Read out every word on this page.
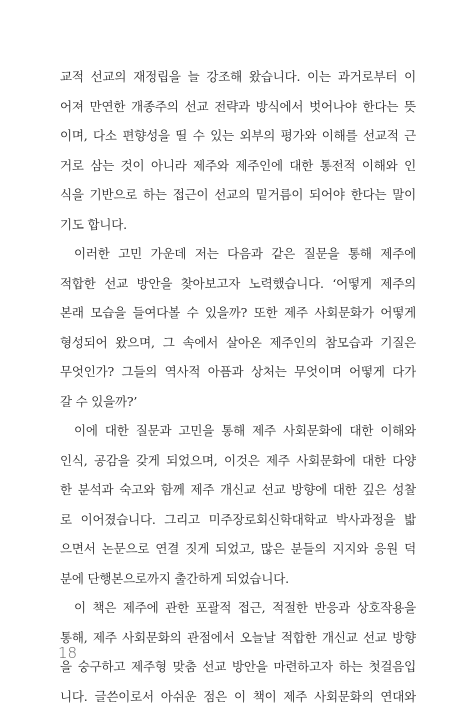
교적 선교의 재정립을 늘 강조해 왔습니다. 이는 과거로부터 이
어져 만연한 개종주의 선교 전략과 방식에서 벗어나야 한다는 뜻
이며, 다소 편향성을 띨 수 있는 외부의 평가와 이해를 선교적 근
거로 삼는 것이 아니라 제주와 제주인에 대한 통전적 이해와 인
식을 기반으로 하는 접근이 선교의 밑거름이 되어야 한다는 말이
기도 합니다.
이러한 고민 가운데 저는 다음과 같은 질문을 통해 제주에
적합한 선교 방안을 찾아보고자 노력했습니다. ‘어떻게 제주의
본래 모습을 들여다볼 수 있을까? 또한 제주 사회문화가 어떻게
형성되어 왔으며, 그 속에서 살아온 제주인의 참모습과 기질은
무엇인가? 그들의 역사적 아픔과 상처는 무엇이며 어떻게 다가
갈 수 있을까?’
이에 대한 질문과 고민을 통해 제주 사회문화에 대한 이해와
인식, 공감을 갖게 되었으며, 이것은 제주 사회문화에 대한 다양
한 분석과 숙고와 함께 제주 개신교 선교 방향에 대한 깊은 성찰
로 이어졌습니다. 그리고 미주장로회신학대학교 박사과정을 밟
으면서 논문으로 연결 짓게 되었고, 많은 분들의 지지와 응원 덕
분에 단행본으로까지 출간하게 되었습니다.
이 책은 제주에 관한 포괄적 접근, 적절한 반응과 상호작용을
통해, 제주 사회문화의 관점에서 오늘날 적합한 개신교 선교 방향
을 숭구하고 제주형 맞춤 선교 방안을 마련하고자 하는 첫걸음입
니다. 글쓴이로서 아쉬운 점은 이 책이 제주 사회문화의 연대와
18
